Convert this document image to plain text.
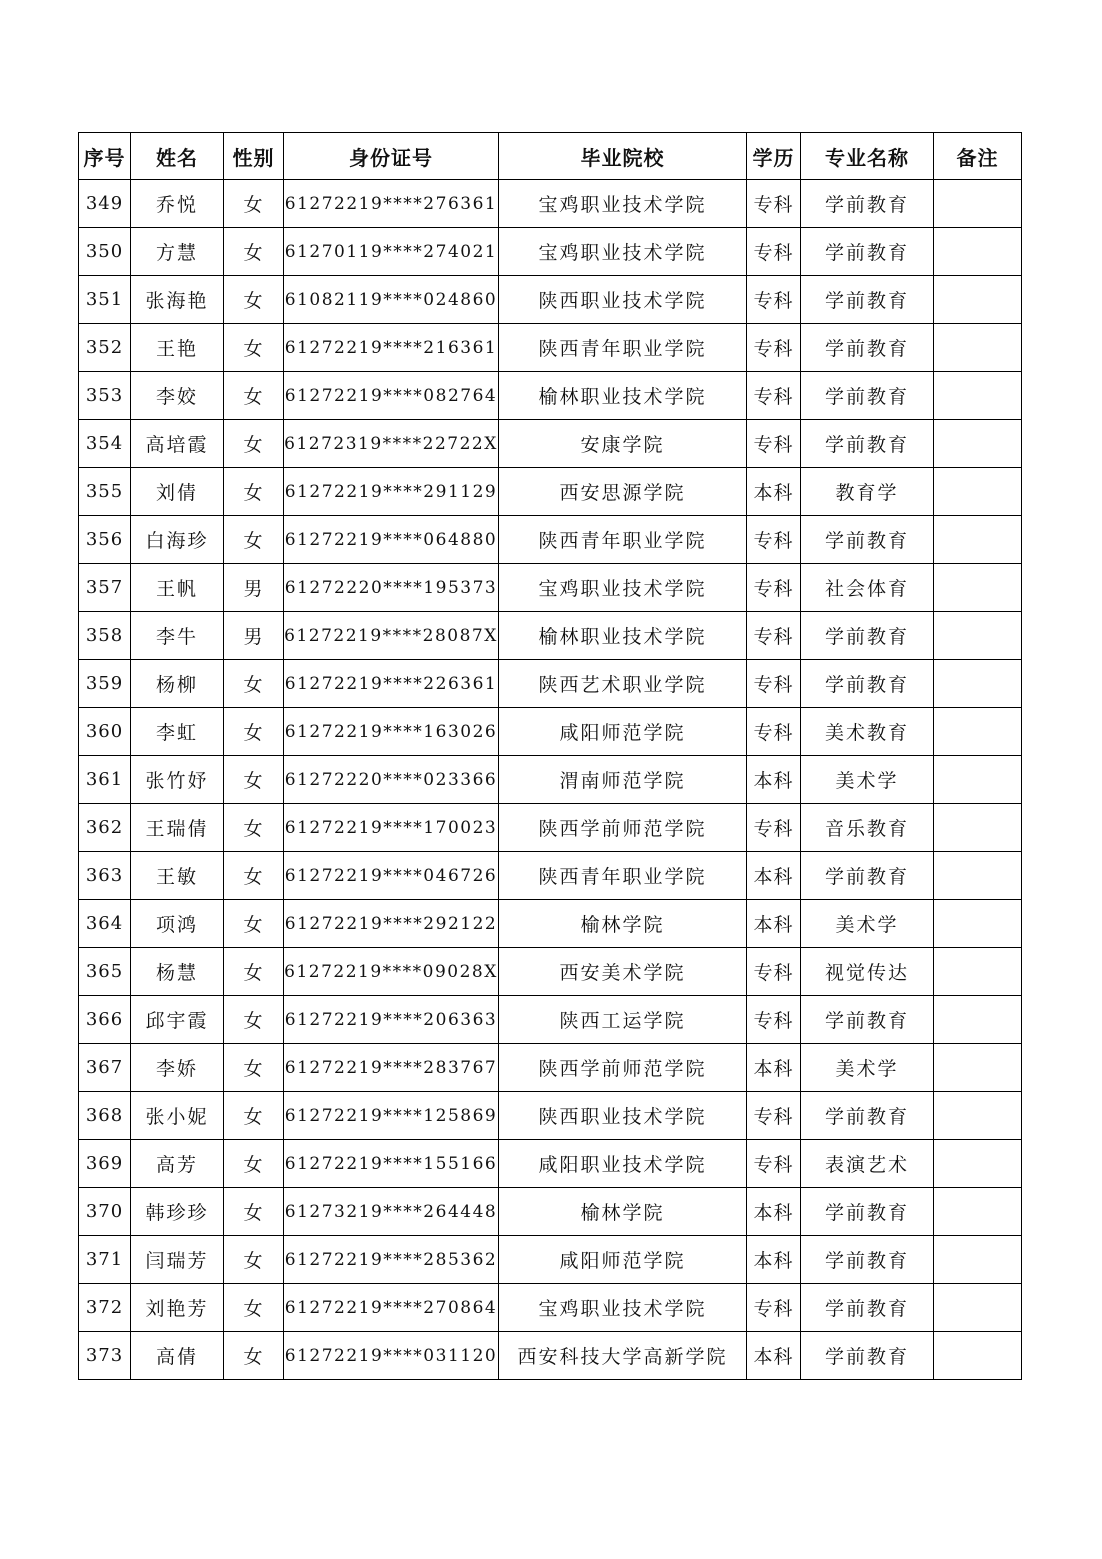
序号	姓名	性别	身份证号	毕业院校	学历	专业名称	备注
349	乔悦	女	61272219****276361	宝鸡职业技术学院	专科	学前教育	
350	方慧	女	61270119****274021	宝鸡职业技术学院	专科	学前教育	
351	张海艳	女	61082119****024860	陕西职业技术学院	专科	学前教育	
352	王艳	女	61272219****216361	陕西青年职业学院	专科	学前教育	
353	李姣	女	61272219****082764	榆林职业技术学院	专科	学前教育	
354	高培霞	女	61272319****22722X	安康学院	专科	学前教育	
355	刘倩	女	61272219****291129	西安思源学院	本科	教育学	
356	白海珍	女	61272219****064880	陕西青年职业学院	专科	学前教育	
357	王帆	男	61272220****195373	宝鸡职业技术学院	专科	社会体育	
358	李牛	男	61272219****28087X	榆林职业技术学院	专科	学前教育	
359	杨柳	女	61272219****226361	陕西艺术职业学院	专科	学前教育	
360	李虹	女	61272219****163026	咸阳师范学院	专科	美术教育	
361	张竹妤	女	61272220****023366	渭南师范学院	本科	美术学	
362	王瑞倩	女	61272219****170023	陕西学前师范学院	专科	音乐教育	
363	王敏	女	61272219****046726	陕西青年职业学院	本科	学前教育	
364	项鸿	女	61272219****292122	榆林学院	本科	美术学	
365	杨慧	女	61272219****09028X	西安美术学院	专科	视觉传达	
366	邱宇霞	女	61272219****206363	陕西工运学院	专科	学前教育	
367	李娇	女	61272219****283767	陕西学前师范学院	本科	美术学	
368	张小妮	女	61272219****125869	陕西职业技术学院	专科	学前教育	
369	高芳	女	61272219****155166	咸阳职业技术学院	专科	表演艺术	
370	韩珍珍	女	61273219****264448	榆林学院	本科	学前教育	
371	闫瑞芳	女	61272219****285362	咸阳师范学院	本科	学前教育	
372	刘艳芳	女	61272219****270864	宝鸡职业技术学院	专科	学前教育	
373	高倩	女	61272219****031120	西安科技大学高新学院	本科	学前教育	
